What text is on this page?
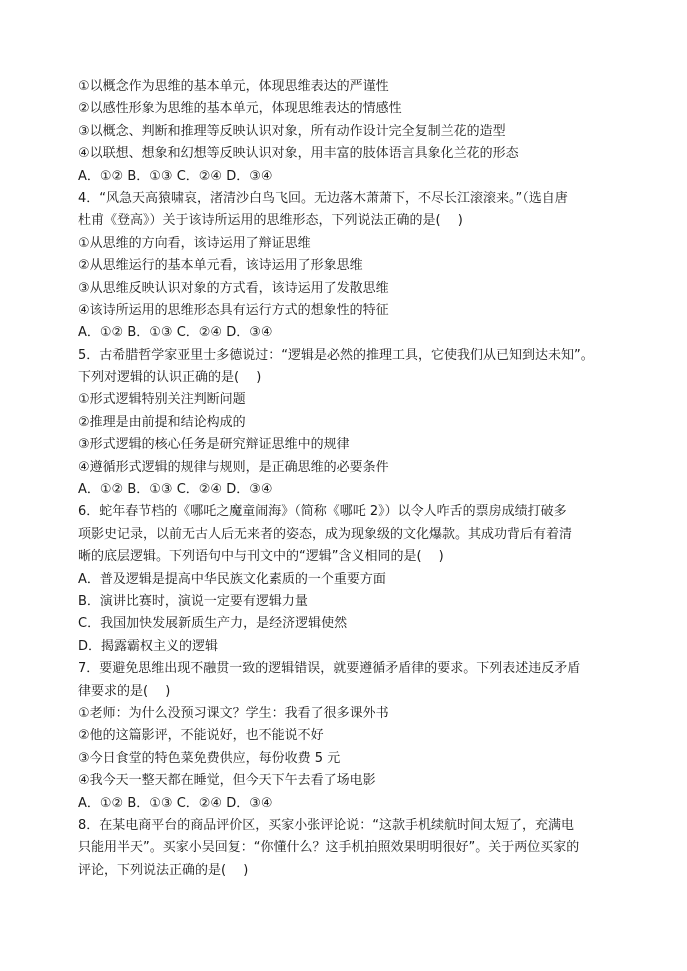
①以概念作为思维的基本单元，体现思维表达的严谨性
②以感性形象为思维的基本单元，体现思维表达的情感性
③以概念、判断和推理等反映认识对象，所有动作设计完全复制兰花的造型
④以联想、想象和幻想等反映认识对象，用丰富的肢体语言具象化兰花的形态
A．①② B．①③ C．②④ D．③④
4．“风急天高猿啸哀，渚清沙白鸟飞回。无边落木萧萧下，不尽长江滚滚来。”（选自唐
杜甫《登高》）关于该诗所运用的思维形态，下列说法正确的是(　 )
①从思维的方向看，该诗运用了辩证思维
②从思维运行的基本单元看，该诗运用了形象思维
③从思维反映认识对象的方式看，该诗运用了发散思维
④该诗所运用的思维形态具有运行方式的想象性的特征
A．①② B．①③ C．②④ D．③④
5．古希腊哲学家亚里士多德说过：“逻辑是必然的推理工具，它使我们从已知到达未知”。
下列对逻辑的认识正确的是(　 )
①形式逻辑特别关注判断问题
②推理是由前提和结论构成的
③形式逻辑的核心任务是研究辩证思维中的规律
④遵循形式逻辑的规律与规则，是正确思维的必要条件
A．①② B．①③ C．②④ D．③④
6．蛇年春节档的《哪吒之魔童闹海》（简称《哪吒 2》）以令人咋舌的票房成绩打破多
项影史记录，以前无古人后无来者的姿态，成为现象级的文化爆款。其成功背后有着清
晰的底层逻辑。下列语句中与刊文中的“逻辑”含义相同的是(　 )
A．普及逻辑是提高中华民族文化素质的一个重要方面
B．演讲比赛时，演说一定要有逻辑力量
C．我国加快发展新质生产力，是经济逻辑使然
D．揭露霸权主义的逻辑
7．要避免思维出现不融贯一致的逻辑错误，就要遵循矛盾律的要求。下列表述违反矛盾
律要求的是(　 )
①老师：为什么没预习课文？学生：我看了很多课外书
②他的这篇影评，不能说好，也不能说不好
③今日食堂的特色菜免费供应，每份收费 5 元
④我今天一整天都在睡觉，但今天下午去看了场电影
A．①② B．①③ C．②④ D．③④
8．在某电商平台的商品评价区，买家小张评论说：“这款手机续航时间太短了，充满电
只能用半天”。买家小吴回复：“你懂什么？这手机拍照效果明明很好”。关于两位买家的
评论，下列说法正确的是(　 )
